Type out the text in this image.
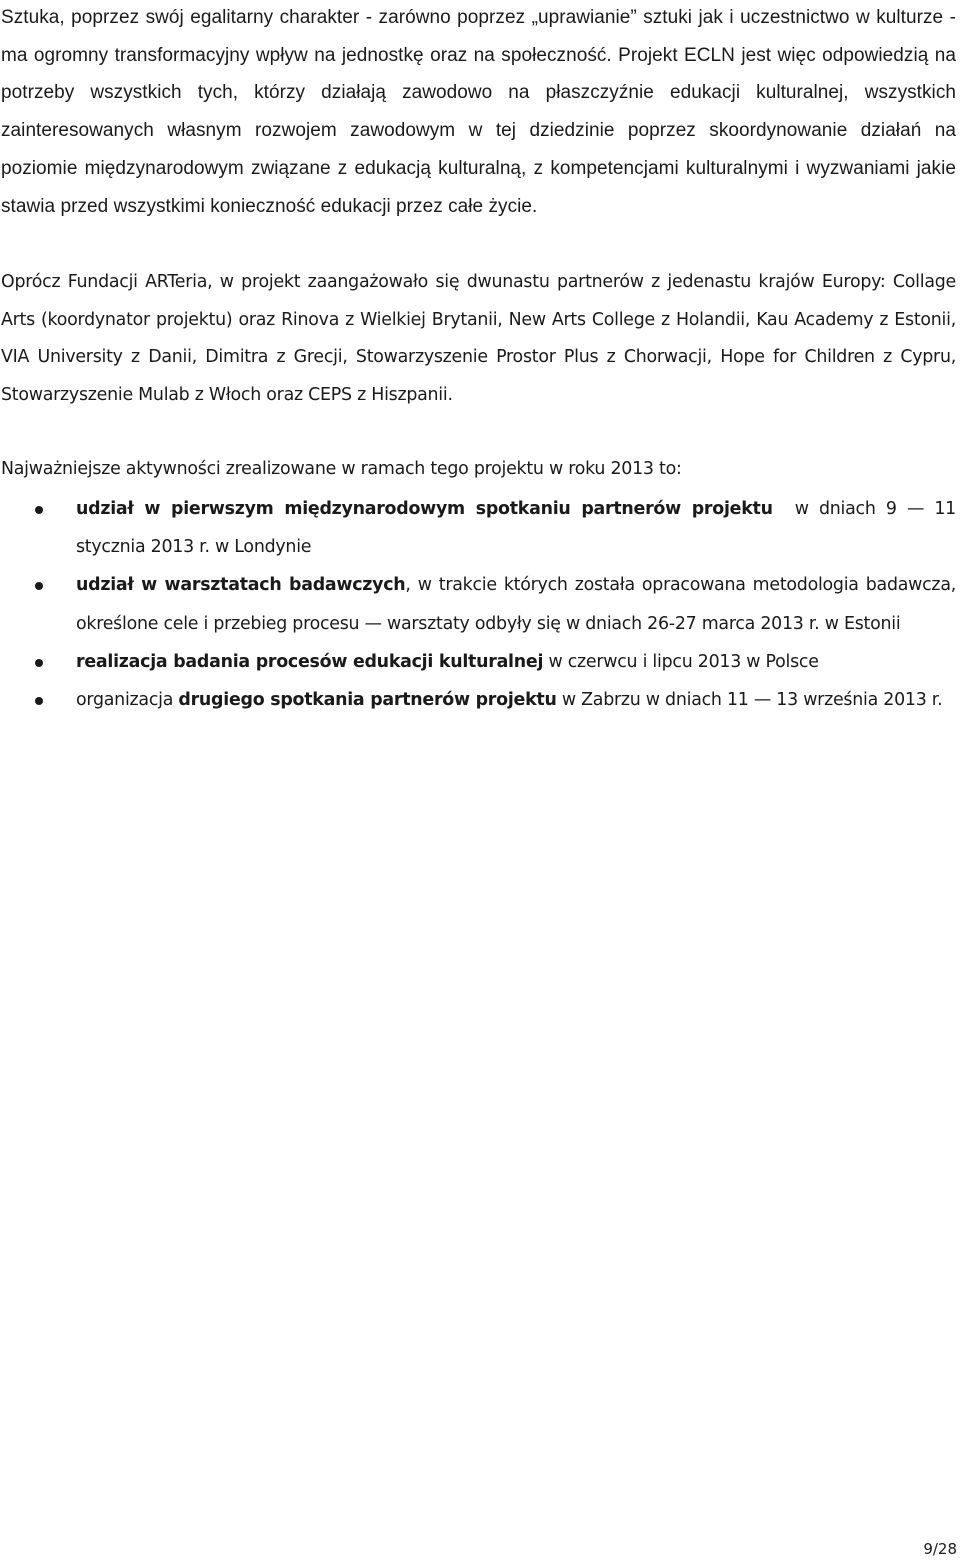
Sztuka, poprzez swój egalitarny charakter - zarówno poprzez „uprawianie” sztuki jak i uczestnictwo w kulturze - ma ogromny transformacyjny wpływ na jednostkę oraz na społeczność. Projekt ECLN jest więc odpowiedzią na potrzeby wszystkich tych, którzy działają zawodowo na płaszczyźnie edukacji kulturalnej, wszystkich zainteresowanych własnym rozwojem zawodowym w tej dziedzinie poprzez skoordynowanie działań na poziomie międzynarodowym związane z edukacją kulturalną, z kompetencjami kulturalnymi i wyzwaniami jakie stawia przed wszystkimi konieczność edukacji przez całe życie.

Oprócz Fundacji ARTeria, w projekt zaangażowało się dwunastu partnerów z jedenastu krajów Europy: Collage Arts (koordynator projektu) oraz Rinova z Wielkiej Brytanii, New Arts College z Holandii, Kau Academy z Estonii, VIA University z Danii, Dimitra z Grecji, Stowarzyszenie Prostor Plus z Chorwacji, Hope for Children z Cypru, Stowarzyszenie Mulab z Włoch oraz CEPS z Hiszpanii.

Najważniejsze aktywności zrealizowane w ramach tego projektu w roku 2013 to:

udział w pierwszym międzynarodowym spotkaniu partnerów projektu w dniach 9 — 11 stycznia 2013 r. w Londynie
udział w warsztatach badawczych, w trakcie których została opracowana metodologia badawcza, określone cele i przebieg procesu — warsztaty odbyły się w dniach 26-27 marca 2013 r. w Estonii
realizacja badania procesów edukacji kulturalnej w czerwcu i lipcu 2013 w Polsce
organizacja drugiego spotkania partnerów projektu w Zabrzu w dniach 11 — 13 września 2013 r.
9/28
